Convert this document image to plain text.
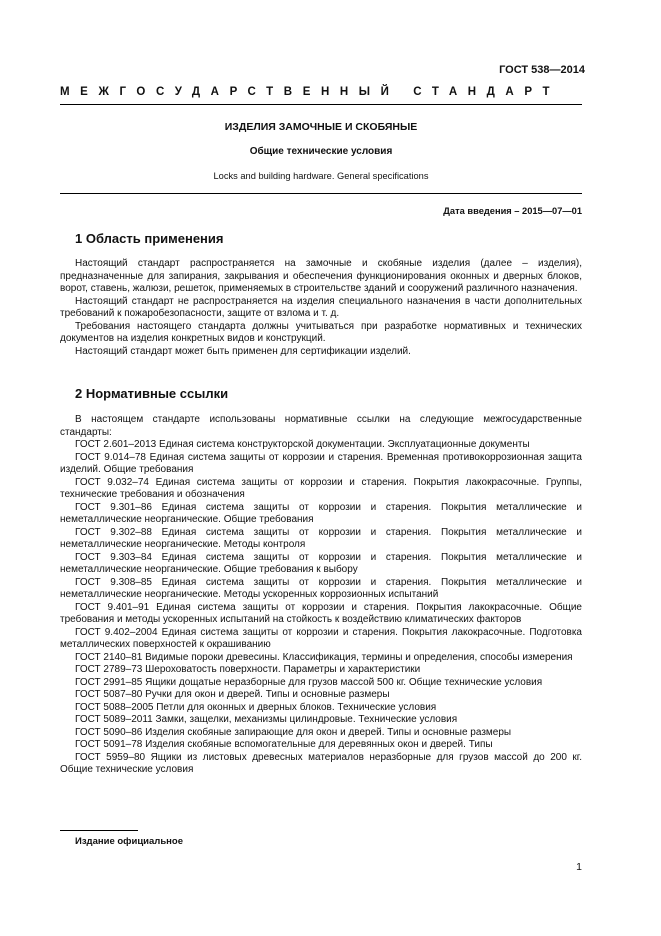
ГОСТ 538—2014
МЕЖГОСУДАРСТВЕННЫЙ СТАНДАРТ
ИЗДЕЛИЯ ЗАМОЧНЫЕ И СКОБЯНЫЕ
Общие технические условия
Locks and building hardware. General specifications
Дата введения – 2015—07—01
1 Область применения

Настоящий стандарт распространяется на замочные и скобяные изделия (далее – изделия), предназначенные для запирания, закрывания и обеспечения функционирования оконных и дверных блоков, ворот, ставень, жалюзи, решеток, применяемых в строительстве зданий и сооружений различного назначения.

Настоящий стандарт не распространяется на изделия специального назначения в части дополнительных требований к пожаробезопасности, защите от взлома и т. д.

Требования настоящего стандарта должны учитываться при разработке нормативных и технических документов на изделия конкретных видов и конструкций.

Настоящий стандарт может быть применен для сертификации изделий.

2 Нормативные ссылки

В настоящем стандарте использованы нормативные ссылки на следующие межгосударственные стандарты:

ГОСТ 2.601–2013 Единая система конструкторской документации. Эксплуатационные документы

ГОСТ 9.014–78 Единая система защиты от коррозии и старения. Временная противокоррозионная защита изделий. Общие требования

ГОСТ 9.032–74 Единая система защиты от коррозии и старения. Покрытия лакокрасочные. Группы, технические требования и обозначения

ГОСТ 9.301–86 Единая система защиты от коррозии и старения. Покрытия металлические и неметаллические неорганические. Общие требования

ГОСТ 9.302–88 Единая система защиты от коррозии и старения. Покрытия металлические и неметаллические неорганические. Методы контроля

ГОСТ 9.303–84 Единая система защиты от коррозии и старения. Покрытия металлические и неметаллические неорганические. Общие требования к выбору

ГОСТ 9.308–85 Единая система защиты от коррозии и старения. Покрытия металлические и неметаллические неорганические. Методы ускоренных коррозионных испытаний

ГОСТ 9.401–91 Единая система защиты от коррозии и старения. Покрытия лакокрасочные. Общие требования и методы ускоренных испытаний на стойкость к воздействию климатических факторов

ГОСТ 9.402–2004 Единая система защиты от коррозии и старения. Покрытия лакокрасочные. Подготовка металлических поверхностей к окрашиванию

ГОСТ 2140–81 Видимые пороки древесины. Классификация, термины и определения, способы измерения

ГОСТ 2789–73 Шероховатость поверхности. Параметры и характеристики

ГОСТ 2991–85 Ящики дощатые неразборные для грузов массой 500 кг. Общие технические условия

ГОСТ 5087–80 Ручки для окон и дверей. Типы и основные размеры

ГОСТ 5088–2005 Петли для оконных и дверных блоков. Технические условия

ГОСТ 5089–2011 Замки, защелки, механизмы цилиндровые. Технические условия

ГОСТ 5090–86 Изделия скобяные запирающие для окон и дверей. Типы и основные размеры

ГОСТ 5091–78 Изделия скобяные вспомогательные для деревянных окон и дверей. Типы

ГОСТ 5959–80 Ящики из листовых древесных материалов неразборные для грузов массой до 200 кг. Общие технические условия

Издание официальное
1
